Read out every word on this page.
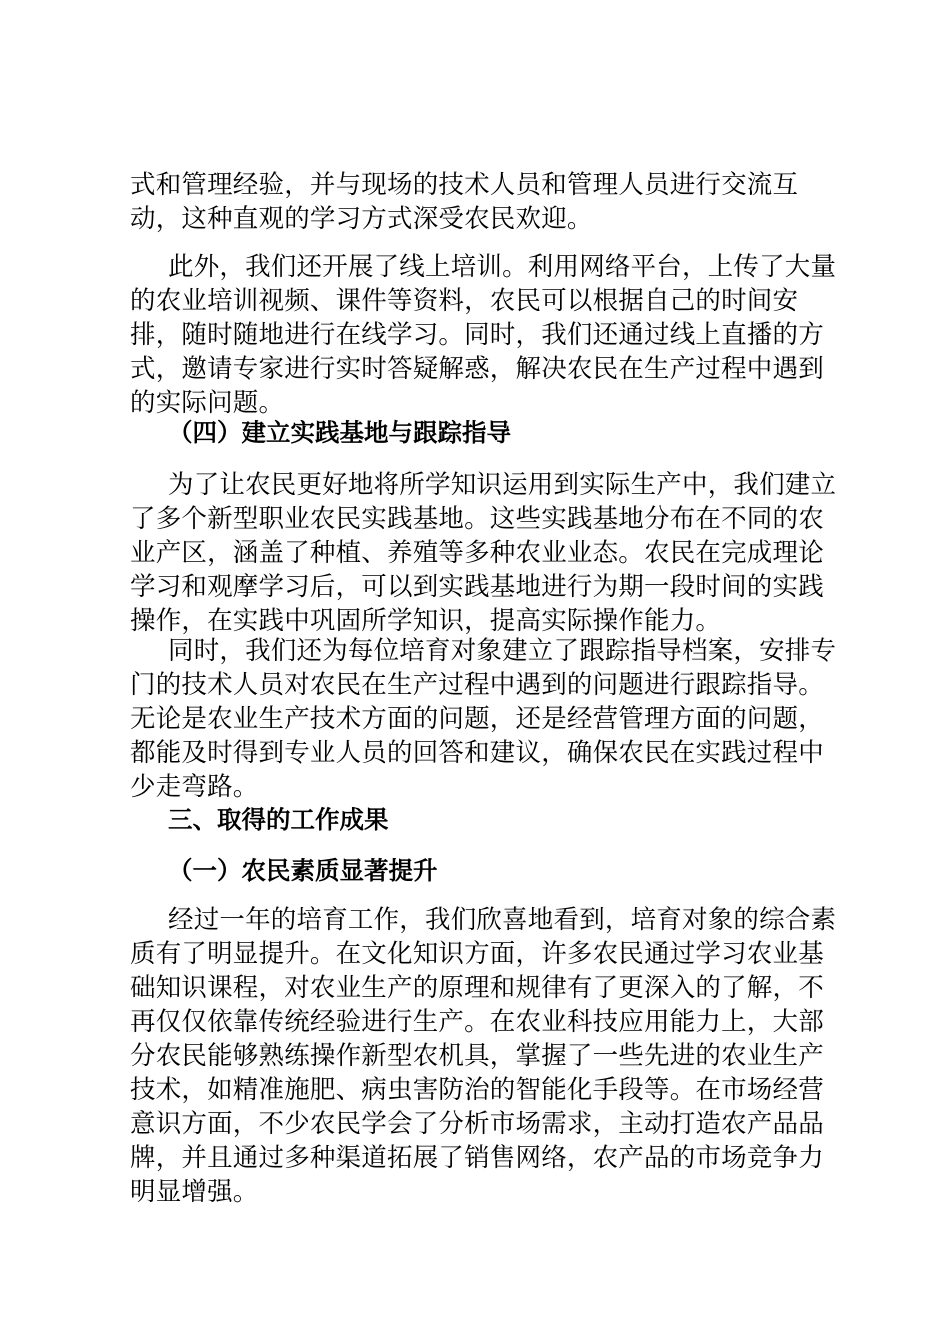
式和管理经验，并与现场的技术人员和管理人员进行交流互
动，这种直观的学习方式深受农民欢迎。
此外，我们还开展了线上培训。利用网络平台，上传了大量
的农业培训视频、课件等资料，农民可以根据自己的时间安
排，随时随地进行在线学习。同时，我们还通过线上直播的方
式，邀请专家进行实时答疑解惑，解决农民在生产过程中遇到
的实际问题。
（四）建立实践基地与跟踪指导
为了让农民更好地将所学知识运用到实际生产中，我们建立
了多个新型职业农民实践基地。这些实践基地分布在不同的农
业产区，涵盖了种植、养殖等多种农业业态。农民在完成理论
学习和观摩学习后，可以到实践基地进行为期一段时间的实践
操作，在实践中巩固所学知识，提高实际操作能力。
同时，我们还为每位培育对象建立了跟踪指导档案，安排专
门的技术人员对农民在生产过程中遇到的问题进行跟踪指导。
无论是农业生产技术方面的问题，还是经营管理方面的问题，
都能及时得到专业人员的回答和建议，确保农民在实践过程中
少走弯路。
三、取得的工作成果
（一）农民素质显著提升
经过一年的培育工作，我们欣喜地看到，培育对象的综合素
质有了明显提升。在文化知识方面，许多农民通过学习农业基
础知识课程，对农业生产的原理和规律有了更深入的了解，不
再仅仅依靠传统经验进行生产。在农业科技应用能力上，大部
分农民能够熟练操作新型农机具，掌握了一些先进的农业生产
技术，如精准施肥、病虫害防治的智能化手段等。在市场经营
意识方面，不少农民学会了分析市场需求，主动打造农产品品
牌，并且通过多种渠道拓展了销售网络，农产品的市场竞争力
明显增强。
